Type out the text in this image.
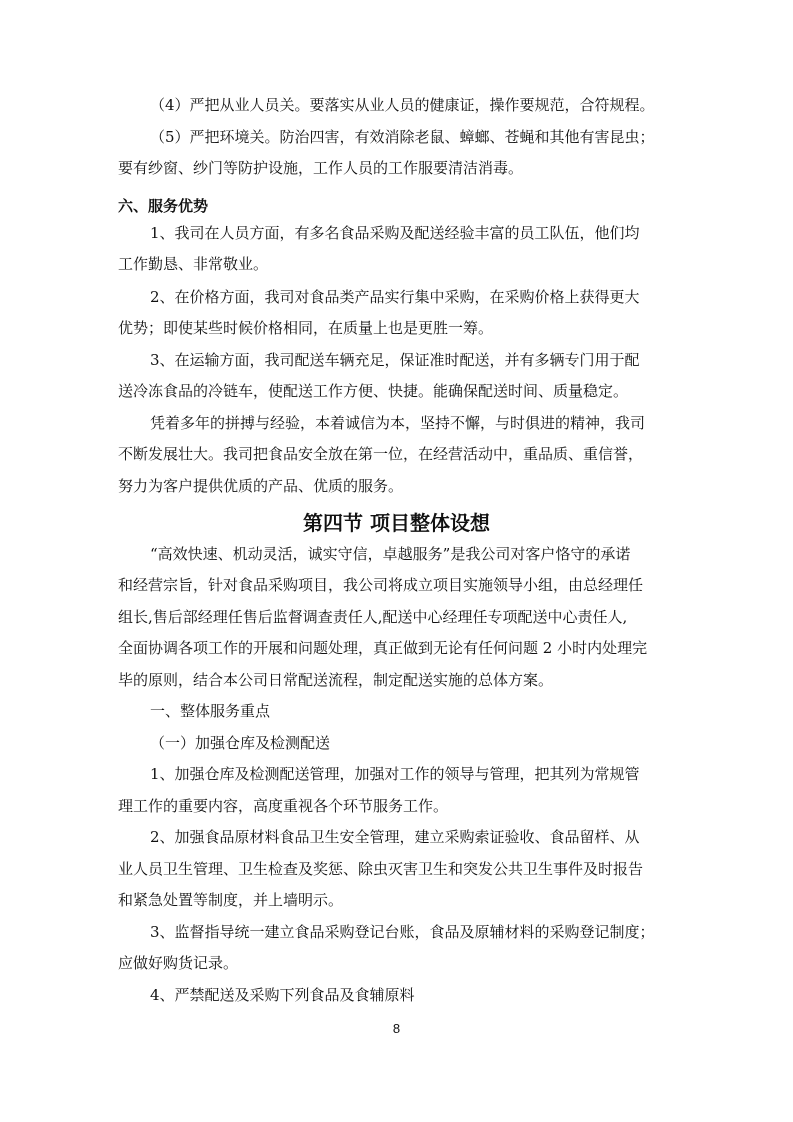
（4）严把从业人员关。要落实从业人员的健康证，操作要规范，合符规程。
（5）严把环境关。防治四害，有效消除老鼠、蟑螂、苍蝇和其他有害昆虫；
要有纱窗、纱门等防护设施，工作人员的工作服要清洁消毒。
六、服务优势
1、我司在人员方面，有多名食品采购及配送经验丰富的员工队伍，他们均
工作勤恳、非常敬业。
2、在价格方面，我司对食品类产品实行集中采购，在采购价格上获得更大
优势；即使某些时候价格相同，在质量上也是更胜一筹。
3、在运输方面，我司配送车辆充足，保证准时配送，并有多辆专门用于配
送冷冻食品的冷链车，使配送工作方便、快捷。能确保配送时间、质量稳定。
凭着多年的拼搏与经验，本着诚信为本，坚持不懈，与时俱进的精神，我司
不断发展壮大。我司把食品安全放在第一位，在经营活动中，重品质、重信誉，
努力为客户提供优质的产品、优质的服务。
第四节 项目整体设想
“高效快速、机动灵活，诚实守信，卓越服务”是我公司对客户恪守的承诺
和经营宗旨，针对食品采购项目，我公司将成立项目实施领导小组，由总经理任
组长,售后部经理任售后监督调查责任人,配送中心经理任专项配送中心责任人,
全面协调各项工作的开展和问题处理，真正做到无论有任何问题 2 小时内处理完
毕的原则，结合本公司日常配送流程，制定配送实施的总体方案。
一、整体服务重点
（一）加强仓库及检测配送
1、加强仓库及检测配送管理，加强对工作的领导与管理，把其列为常规管
理工作的重要内容，高度重视各个环节服务工作。
2、加强食品原材料食品卫生安全管理，建立采购索证验收、食品留样、从
业人员卫生管理、卫生检查及奖惩、除虫灭害卫生和突发公共卫生事件及时报告
和紧急处置等制度，并上墙明示。
3、监督指导统一建立食品采购登记台账，食品及原辅材料的采购登记制度；
应做好购货记录。
4、严禁配送及采购下列食品及食辅原料
8
